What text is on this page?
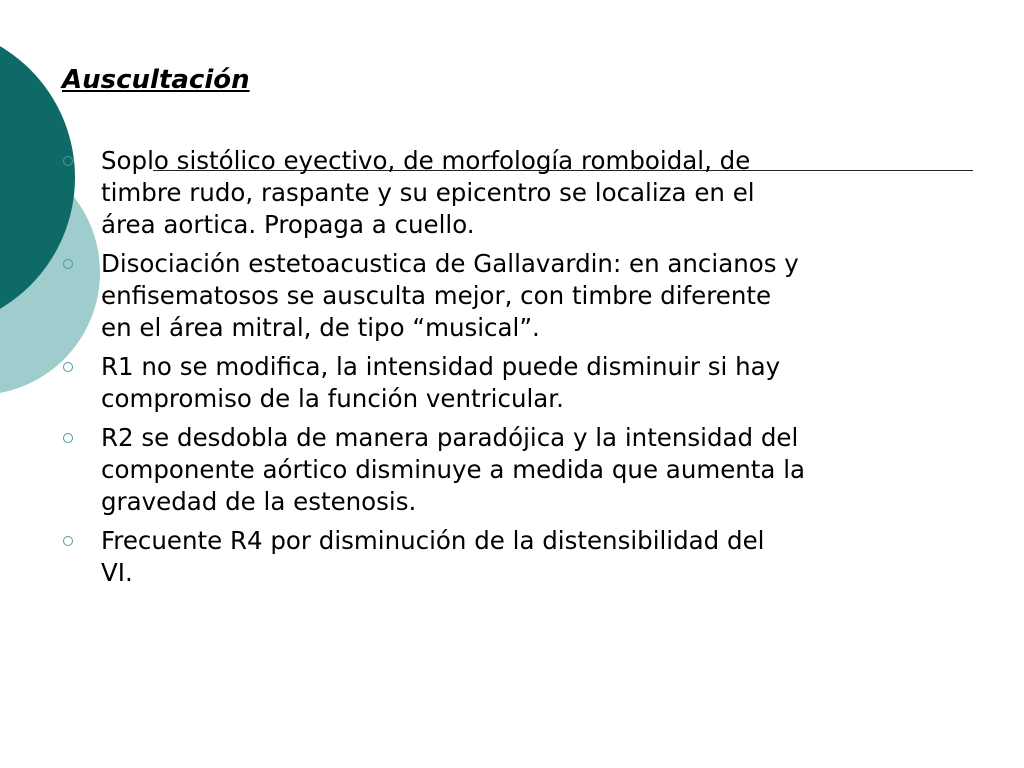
Auscultación
Soplo sistólico eyectivo, de morfología romboidal, de
timbre rudo, raspante y su epicentro se localiza en el
área aortica. Propaga a cuello.
Disociación estetoacustica de Gallavardin: en ancianos y
enfisematosos se ausculta mejor, con timbre diferente
en el área mitral, de tipo “musical”.
R1 no se modifica, la intensidad puede disminuir si hay
compromiso de la función ventricular.
R2 se desdobla de manera paradójica y la intensidad del
componente aórtico disminuye a medida que aumenta la
gravedad de la estenosis.
Frecuente R4 por disminución de la distensibilidad del
VI.
